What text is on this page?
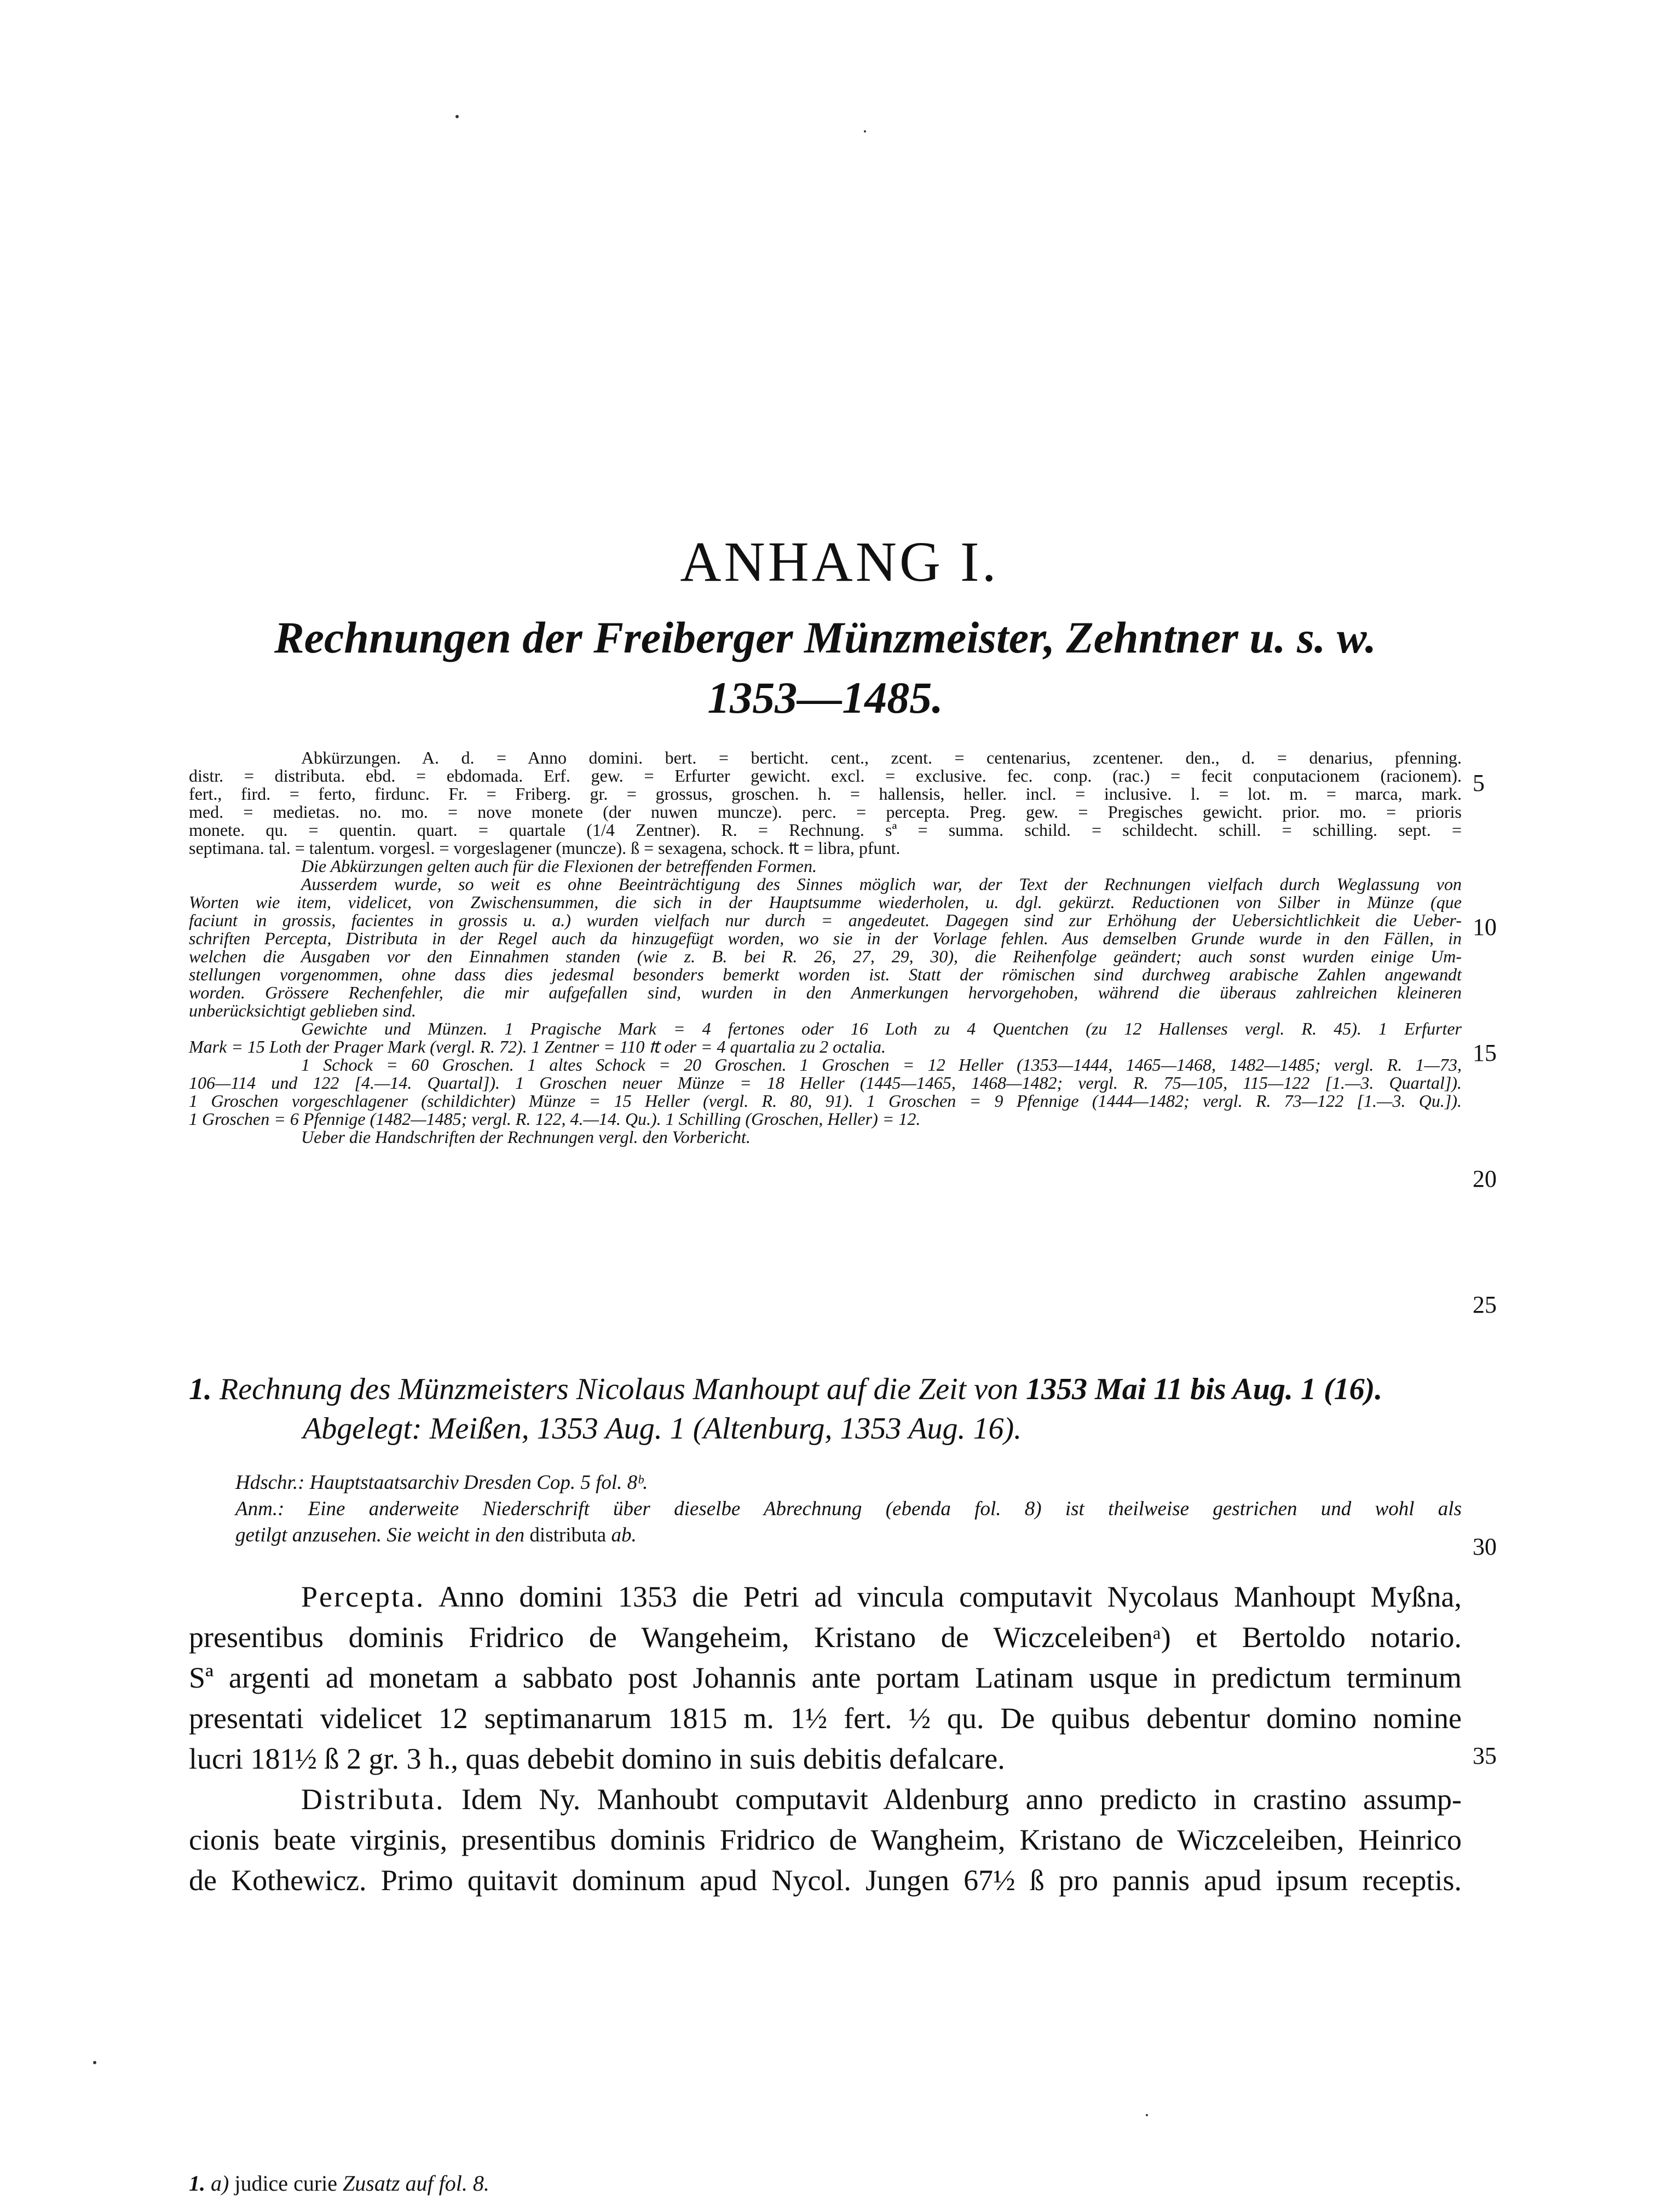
ANHANG I.
Rechnungen der Freiberger Münzmeister, Zehntner u. s. w.
1353—1485.
Abkürzungen. A. d. = Anno domini. bert. = berticht. cent., zcent. = centenarius, zcentener. den., d. = denarius, pfenning.
distr. = distributa. ebd. = ebdomada. Erf. gew. = Erfurter gewicht. excl. = exclusive. fec. conp. (rac.) = fecit conputacionem (racionem).
fert., fird. = ferto, firdunc. Fr. = Friberg. gr. = grossus, groschen. h. = hallensis, heller. incl. = inclusive. l. = lot. m. = marca, mark.
med. = medietas. no. mo. = nove monete (der nuwen muncze). perc. = percepta. Preg. gew. = Pregisches gewicht. prior. mo. = prioris
monete. qu. = quentin. quart. = quartale (1/4 Zentner). R. = Rechnung. sª = summa. schild. = schildecht. schill. = schilling. sept. =
septimana. tal. = talentum. vorgesl. = vorgeslagener (muncze). ß = sexagena, schock. ₶ = libra, pfunt.
Die Abkürzungen gelten auch für die Flexionen der betreffenden Formen.
Ausserdem wurde, so weit es ohne Beeinträchtigung des Sinnes möglich war, der Text der Rechnungen vielfach durch Weglassung von
Worten wie item, videlicet, von Zwischensummen, die sich in der Hauptsumme wiederholen, u. dgl. gekürzt. Reductionen von Silber in Münze (que
faciunt in grossis, facientes in grossis u. a.) wurden vielfach nur durch = angedeutet. Dagegen sind zur Erhöhung der Uebersichtlichkeit die Ueber-
schriften Percepta, Distributa in der Regel auch da hinzugefügt worden, wo sie in der Vorlage fehlen. Aus demselben Grunde wurde in den Fällen, in
welchen die Ausgaben vor den Einnahmen standen (wie z. B. bei R. 26, 27, 29, 30), die Reihenfolge geändert; auch sonst wurden einige Um-
stellungen vorgenommen, ohne dass dies jedesmal besonders bemerkt worden ist. Statt der römischen sind durchweg arabische Zahlen angewandt
worden. Grössere Rechenfehler, die mir aufgefallen sind, wurden in den Anmerkungen hervorgehoben, während die überaus zahlreichen kleineren
unberücksichtigt geblieben sind.
Gewichte und Münzen. 1 Pragische Mark = 4 fertones oder 16 Loth zu 4 Quentchen (zu 12 Hallenses vergl. R. 45). 1 Erfurter
Mark = 15 Loth der Prager Mark (vergl. R. 72). 1 Zentner = 110 ₶ oder = 4 quartalia zu 2 octalia.
1 Schock = 60 Groschen. 1 altes Schock = 20 Groschen. 1 Groschen = 12 Heller (1353—1444, 1465—1468, 1482—1485; vergl. R. 1—73,
106—114 und 122 [4.—14. Quartal]). 1 Groschen neuer Münze = 18 Heller (1445—1465, 1468—1482; vergl. R. 75—105, 115—122 [1.—3. Quartal]).
1 Groschen vorgeschlagener (schildichter) Münze = 15 Heller (vergl. R. 80, 91). 1 Groschen = 9 Pfennige (1444—1482; vergl. R. 73—122 [1.—3. Qu.]).
1 Groschen = 6 Pfennige (1482—1485; vergl. R. 122, 4.—14. Qu.). 1 Schilling (Groschen, Heller) = 12.
Ueber die Handschriften der Rechnungen vergl. den Vorbericht.
1. Rechnung des Münzmeisters Nicolaus Manhoupt auf die Zeit von 1353 Mai 11 bis Aug. 1 (16).
Abgelegt: Meißen, 1353 Aug. 1 (Altenburg, 1353 Aug. 16).
Hdschr.: Hauptstaatsarchiv Dresden Cop. 5 fol. 8ᵇ.
Anm.: Eine anderweite Niederschrift über dieselbe Abrechnung (ebenda fol. 8) ist theilweise gestrichen und wohl als
getilgt anzusehen. Sie weicht in den distributa ab.
Percepta. Anno domini 1353 die Petri ad vincula computavit Nycolaus Manhoupt Myßna,
presentibus dominis Fridrico de Wangeheim, Kristano de Wiczceleibenᵃ) et Bertoldo notario.
Sª argenti ad monetam a sabbato post Johannis ante portam Latinam usque in predictum terminum
presentati videlicet 12 septimanarum 1815 m. 1½ fert. ½ qu. De quibus debentur domino nomine
lucri 181½ ß 2 gr. 3 h., quas debebit domino in suis debitis defalcare.
Distributa. Idem Ny. Manhoubt computavit Aldenburg anno predicto in crastino assump-
cionis beate virginis, presentibus dominis Fridrico de Wangheim, Kristano de Wiczceleiben, Heinrico
de Kothewicz. Primo quitavit dominum apud Nycol. Jungen 67½ ß pro pannis apud ipsum receptis.
1. a) judice curie Zusatz auf fol. 8.
5
10
15
20
25
30
35
